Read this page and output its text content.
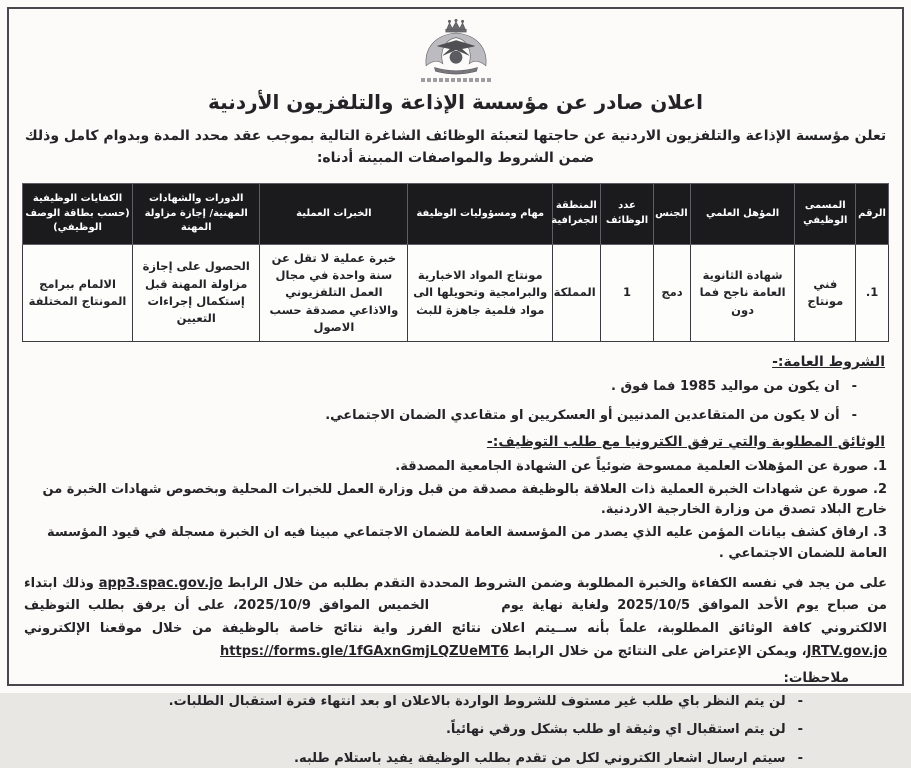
اعلان صادر عن مؤسسة الإذاعة والتلفزيون الأردنية
تعلن مؤسسة الإذاعة والتلفزيون الاردنية عن حاجتها لتعبئة الوظائف الشاغرة التالية بموجب عقد محدد المدة وبدوام كامل وذلك ضمن الشروط والمواصفات المبينة أدناه:
الرقم	المسمى الوظيفي	المؤهل العلمي	الجنس	عدد الوظائف	المنطقة الجغرافية	مهام ومسؤوليات الوظيفة	الخبرات العملية	الدورات والشهادات المهنية/ إجازة مزاولة المهنة	الكفايات الوظيفية (حسب بطاقة الوصف الوظيفي)
1.	فني مونتاج	شهادة الثانوية العامة ناجح فما دون	دمج	1	المملكة	مونتاج المواد الاخبارية والبرامجية وتحويلها الى مواد فلمية جاهزة للبث	خبرة عملية لا تقل عن سنة واحدة في مجال العمل التلفزيوني والاذاعي مصدقة حسب الاصول	الحصول على إجازة مزاولة المهنة قبل إستكمال إجراءات التعيين	الالمام ببرامج المونتاج المختلفة
الشروط العامة:-
-
ان يكون من مواليد 1985 فما فوق .
-
أن لا يكون من المتقاعدين المدنيين أو العسكريين او متقاعدي الضمان الاجتماعي.
الوثائق المطلوبة والتي ترفق الكترونيا مع طلب التوظيف:-
1. صورة عن المؤهلات العلمية ممسوحة ضوئياً عن الشهادة الجامعية المصدقة.
2. صورة عن شهادات الخبرة العملية ذات العلاقة بالوظيفة مصدقة من قبل وزارة العمل للخبرات المحلية وبخصوص شهادات الخبرة من خارج البلاد تصدق من وزارة الخارجية الاردنية.
3. ارفاق كشف بيانات المؤمن عليه الذي يصدر من المؤسسة العامة للضمان الاجتماعي مبينا فيه ان الخبرة مسجلة في قيود المؤسسة العامة للضمان الاجتماعي .
على من يجد في نفسه الكفاءة والخبرة المطلوبة وضمن الشروط المحددة التقدم بطلبه من خلال الرابط app3.spac.gov.jo وذلك ابتداء من صباح يوم الأحد الموافق 2025/10/5 ولغاية نهاية يوم الخميس الموافق 2025/10/9، على أن يرفق بطلب التوظيف الالكتروني كافة الوثائق المطلوبة، علماً بأنه ســيتم اعلان نتائج الفرز واية نتائج خاصة بالوظيفة من خلال موقعنا الإلكتروني JRTV.gov.jo، ويمكن الإعتراض على النتائج من خلال الرابط https://forms.gle/1fGAxnGmjLQZUeMT6
ملاحظات:
-
لن يتم النظر باي طلب غير مستوف للشروط الواردة بالاعلان او بعد انتهاء فترة استقبال الطلبات.
-
لن يتم استقبال اي وثيقة او طلب بشكل ورقي نهائياً.
-
سيتم ارسال اشعار الكتروني لكل من تقدم بطلب الوظيفة يفيد باستلام طلبه.
